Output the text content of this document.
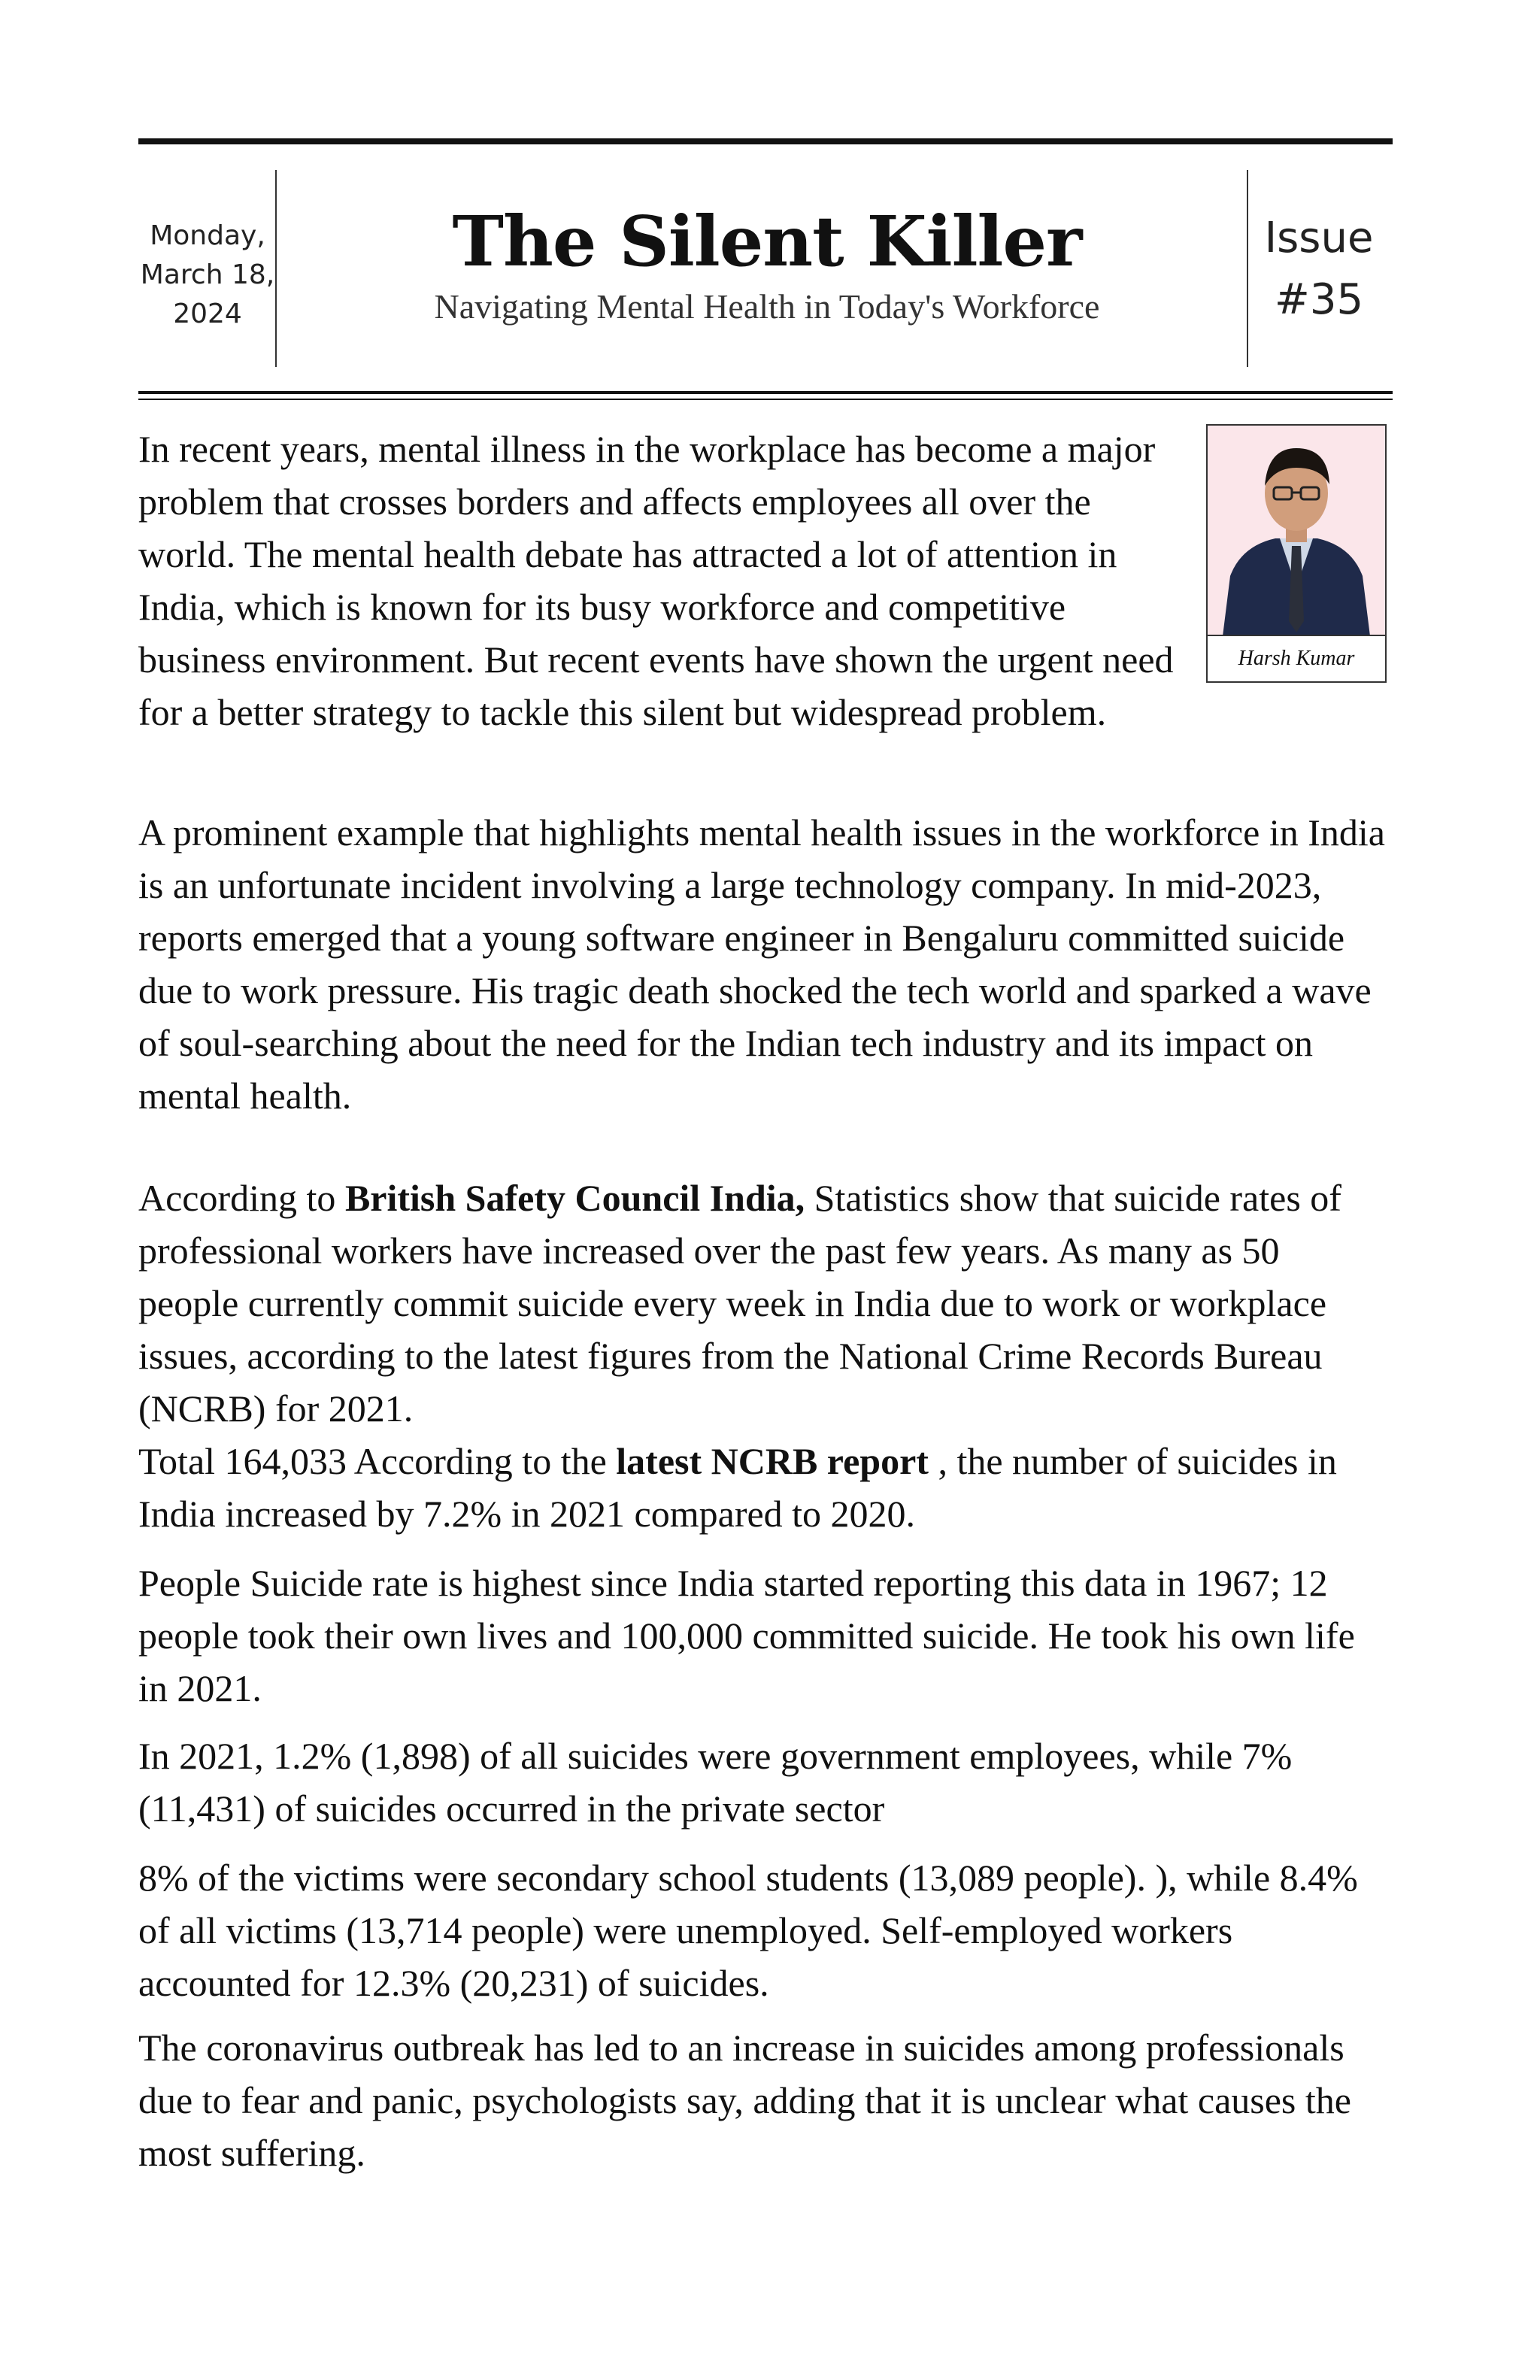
Monday, March 18, 2024
The Silent Killer
Navigating Mental Health in Today's Workforce
Issue #35
Harsh Kumar
In recent years, mental illness in the workplace has become a major problem that crosses borders and affects employees all over the world. The mental health debate has attracted a lot of attention in India, which is known for its busy workforce and competitive business environment. But recent events have shown the urgent need for a better strategy to tackle this silent but widespread problem.
A prominent example that highlights mental health issues in the workforce in India is an unfortunate incident involving a large technology company. In mid-2023, reports emerged that a young software engineer in Bengaluru committed suicide due to work pressure. His tragic death shocked the tech world and sparked a wave of soul-searching about the need for the Indian tech industry and its impact on mental health.
According to British Safety Council India, Statistics show that suicide rates of professional workers have increased over the past few years. As many as 50 people currently commit suicide every week in India due to work or workplace issues, according to the latest figures from the National Crime Records Bureau (NCRB) for 2021.
Total 164,033 According to the latest NCRB report , the number of suicides in India increased by 7.2% in 2021 compared to 2020.
People Suicide rate is highest since India started reporting this data in 1967; 12 people took their own lives and 100,000 committed suicide. He took his own life in 2021.
In 2021, 1.2% (1,898) of all suicides were government employees, while 7% (11,431) of suicides occurred in the private sector
8% of the victims were secondary school students (13,089 people). ), while 8.4% of all victims (13,714 people) were unemployed. Self-employed workers accounted for 12.3% (20,231) of suicides.
The coronavirus outbreak has led to an increase in suicides among professionals due to fear and panic, psychologists say, adding that it is unclear what causes the most suffering.
